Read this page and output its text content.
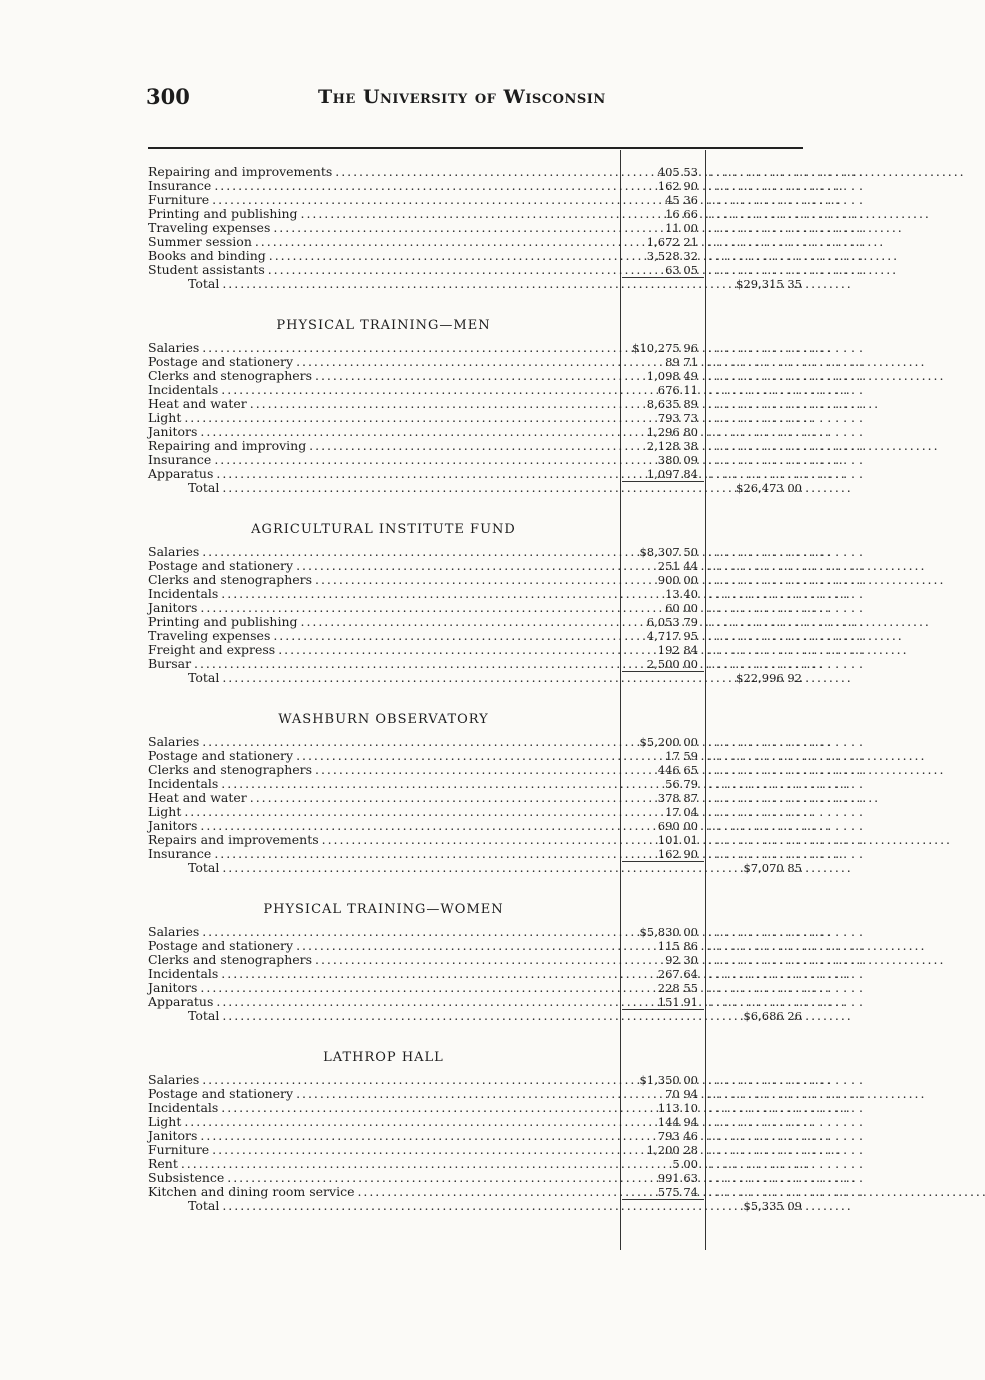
300	The University of Wisconsin
Repairing and improvements . . .	405 53 . . . . . . . . . . . . . . . . . . . .
Insurance . . .	162 90 . . . . . . . . . . . . . . . . . . . .
Furniture . . .	45 36 . . . . . . . . . . . . . . . . . . . .
Printing and publishing . . .	16 66 . . . . . . . . . . . . . . . . . . . .
Traveling expenses . . .	11 00 . . . . . . . . . . . . . . . . . . . .
Summer session . . .	1,672 21 . . . . . . . . . . . . . . . . . . . .
Books and binding . . .	3,528 32 . . . . . . . . . . . . . . . . . . . .
Student assistants . . .	63 05 . . . . . . . . . . . . . . . . . . . .
Total . . .	$29,315 35
PHYSICAL TRAINING—MEN
Salaries . . .	$10,275 96 . . . . . . . . . . . . . . . . . . . .
Postage and stationery . . .	89 71 . . . . . . . . . . . . . . . . . . . .
Clerks and stenographers . . .	1,098 49 . . . . . . . . . . . . . . . . . . . .
Incidentals . . .	676 11 . . . . . . . . . . . . . . . . . . . .
Heat and water . . .	8,635 89 . . . . . . . . . . . . . . . . . . . .
Light . . .	793 73 . . . . . . . . . . . . . . . . . . . .
Janitors . . .	1,296 80 . . . . . . . . . . . . . . . . . . . .
Repairing and improving . . .	2,128 38 . . . . . . . . . . . . . . . . . . . .
Insurance . . .	380 09 . . . . . . . . . . . . . . . . . . . .
Apparatus . . .	1,097 84 . . . . . . . . . . . . . . . . . . . .
Total . . .	$26,473 00
AGRICULTURAL INSTITUTE FUND
Salaries . . .	$8,307 50 . . . . . . . . . . . . . . . . . . . .
Postage and stationery . . .	251 44 . . . . . . . . . . . . . . . . . . . .
Clerks and stenographers . . .	900 00 . . . . . . . . . . . . . . . . . . . .
Incidentals . . .	13 40 . . . . . . . . . . . . . . . . . . . .
Janitors . . .	60 00 . . . . . . . . . . . . . . . . . . . .
Printing and publishing . . .	6,053 79 . . . . . . . . . . . . . . . . . . . .
Traveling expenses . . .	4,717 95 . . . . . . . . . . . . . . . . . . . .
Freight and express . . .	192 84 . . . . . . . . . . . . . . . . . . . .
Bursar . . .	2,500 00 . . . . . . . . . . . . . . . . . . . .
Total . . .	$22,996 92
WASHBURN OBSERVATORY
Salaries . . .	$5,200 00 . . . . . . . . . . . . . . . . . . . .
Postage and stationery . . .	17 59 . . . . . . . . . . . . . . . . . . . .
Clerks and stenographers . . .	446 65 . . . . . . . . . . . . . . . . . . . .
Incidentals . . .	56 79 . . . . . . . . . . . . . . . . . . . .
Heat and water . . .	378 87 . . . . . . . . . . . . . . . . . . . .
Light . . .	17 04 . . . . . . . . . . . . . . . . . . . .
Janitors . . .	690 00 . . . . . . . . . . . . . . . . . . . .
Repairs and improvements . . .	101 01 . . . . . . . . . . . . . . . . . . . .
Insurance . . .	162 90 . . . . . . . . . . . . . . . . . . . .
Total . . .	$7,070 85
PHYSICAL TRAINING—WOMEN
Salaries . . .	$5,830 00 . . . . . . . . . . . . . . . . . . . .
Postage and stationery . . .	115 86 . . . . . . . . . . . . . . . . . . . .
Clerks and stenographers . . .	92 30 . . . . . . . . . . . . . . . . . . . .
Incidentals . . .	267 64 . . . . . . . . . . . . . . . . . . . .
Janitors . . .	228 55 . . . . . . . . . . . . . . . . . . . .
Apparatus . . .	151 91 . . . . . . . . . . . . . . . . . . . .
Total . . .	$6,686 26
LATHROP HALL
Salaries . . .	$1,350 00 . . . . . . . . . . . . . . . . . . . .
Postage and stationery . . .	70 94 . . . . . . . . . . . . . . . . . . . .
Incidentals . . .	113 10 . . . . . . . . . . . . . . . . . . . .
Light . . .	144 94 . . . . . . . . . . . . . . . . . . . .
Janitors . . .	793 46 . . . . . . . . . . . . . . . . . . . .
Furniture . . .	1,200 28 . . . . . . . . . . . . . . . . . . . .
Rent . . .	5 00 . . . . . . . . . . . . . . . . . . . .
Subsistence . . .	991 63 . . . . . . . . . . . . . . . . . . . .
Kitchen and dining room service . . .	575 74 . . . . . . . . . . . . . . . . . . . .
Total . . .	$5,335 09
